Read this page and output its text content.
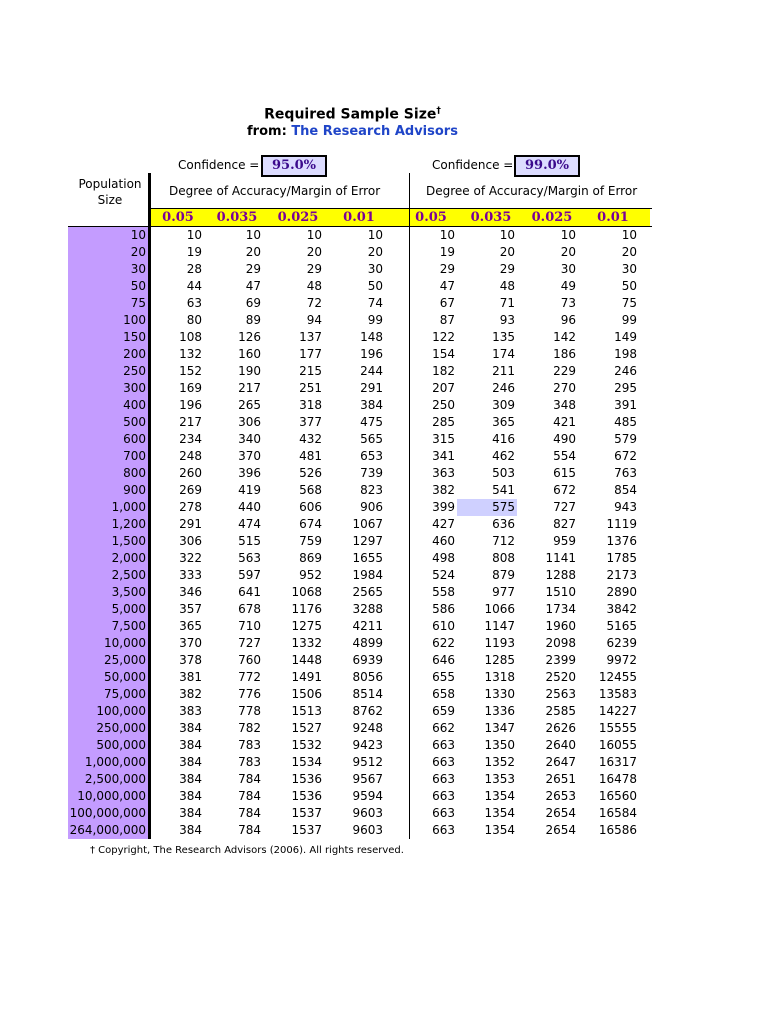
Required Sample Size†
from: The Research Advisors
Confidence = 95.0%	Confidence = 99.0%
Degree of Accuracy/Margin of Error	Degree of Accuracy/Margin of Error
Population
Size
0.05	0.035	0.025	0.01	0.05	0.035	0.025	0.01
10	10	10	10	10	10	10	10	10
20	19	20	20	20	19	20	20	20
30	28	29	29	30	29	29	30	30
50	44	47	48	50	47	48	49	50
75	63	69	72	74	67	71	73	75
100	80	89	94	99	87	93	96	99
150	108	126	137	148	122	135	142	149
200	132	160	177	196	154	174	186	198
250	152	190	215	244	182	211	229	246
300	169	217	251	291	207	246	270	295
400	196	265	318	384	250	309	348	391
500	217	306	377	475	285	365	421	485
600	234	340	432	565	315	416	490	579
700	248	370	481	653	341	462	554	672
800	260	396	526	739	363	503	615	763
900	269	419	568	823	382	541	672	854
1,000	278	440	606	906	399	575	727	943
1,200	291	474	674	1067	427	636	827	1119
1,500	306	515	759	1297	460	712	959	1376
2,000	322	563	869	1655	498	808	1141	1785
2,500	333	597	952	1984	524	879	1288	2173
3,500	346	641	1068	2565	558	977	1510	2890
5,000	357	678	1176	3288	586	1066	1734	3842
7,500	365	710	1275	4211	610	1147	1960	5165
10,000	370	727	1332	4899	622	1193	2098	6239
25,000	378	760	1448	6939	646	1285	2399	9972
50,000	381	772	1491	8056	655	1318	2520	12455
75,000	382	776	1506	8514	658	1330	2563	13583
100,000	383	778	1513	8762	659	1336	2585	14227
250,000	384	782	1527	9248	662	1347	2626	15555
500,000	384	783	1532	9423	663	1350	2640	16055
1,000,000	384	783	1534	9512	663	1352	2647	16317
2,500,000	384	784	1536	9567	663	1353	2651	16478
10,000,000	384	784	1536	9594	663	1354	2653	16560
100,000,000	384	784	1537	9603	663	1354	2654	16584
264,000,000	384	784	1537	9603	663	1354	2654	16586
† Copyright, The Research Advisors (2006). All rights reserved.
